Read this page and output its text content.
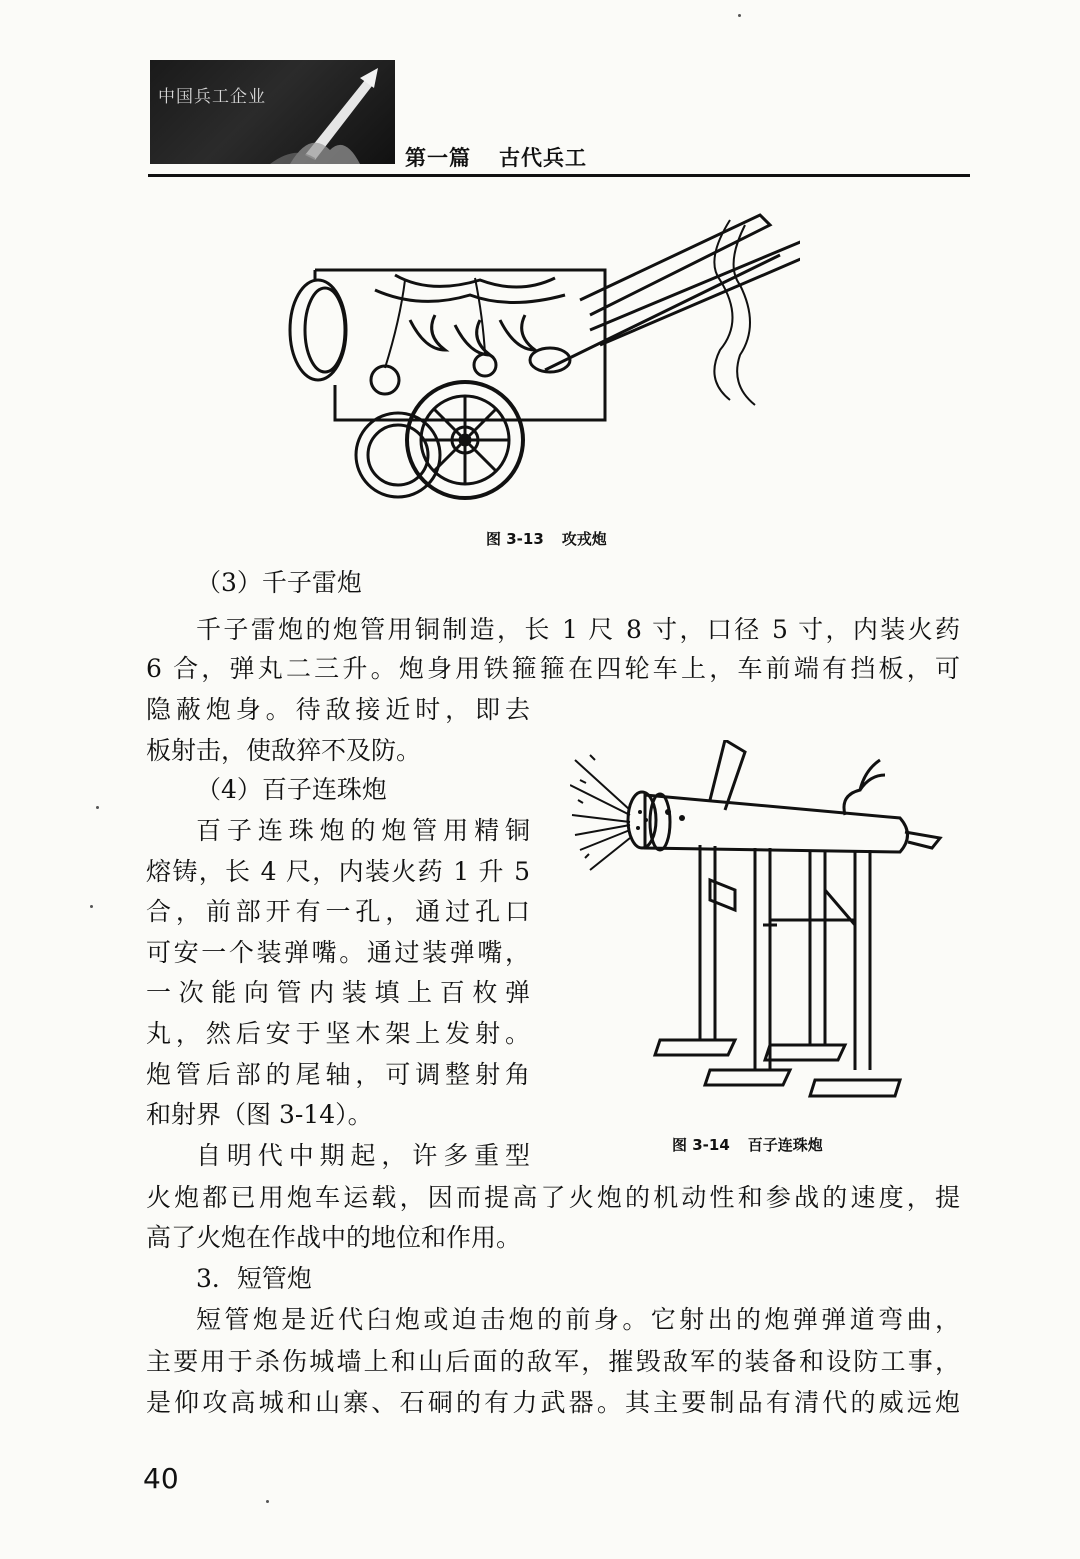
中国兵工企业
第一篇 古代兵工
图 3-13 攻戎炮
图 3-14 百子连珠炮
（3）千子雷炮
千子雷炮的炮管用铜制造，长 1 尺 8 寸，口径 5 寸，内装火药
6 合，弹丸二三升。炮身用铁箍箍在四轮车上，车前端有挡板，可
隐蔽炮身。待敌接近时，即去
板射击，使敌猝不及防。
（4）百子连珠炮
百子连珠炮的炮管用精铜
熔铸，长 4 尺，内装火药 1 升 5
合，前部开有一孔，通过孔口
可安一个装弹嘴。通过装弹嘴，
一次能向管内装填上百枚弹
丸，然后安于坚木架上发射。
炮管后部的尾轴，可调整射角
和射界（图 3-14）。
自明代中期起，许多重型
火炮都已用炮车运载，因而提高了火炮的机动性和参战的速度，提
高了火炮在作战中的地位和作用。
3．短管炮
短管炮是近代臼炮或迫击炮的前身。它射出的炮弹弹道弯曲，
主要用于杀伤城墙上和山后面的敌军，摧毁敌军的装备和设防工事，
是仰攻高城和山寨、石硐的有力武器。其主要制品有清代的威远炮
40
